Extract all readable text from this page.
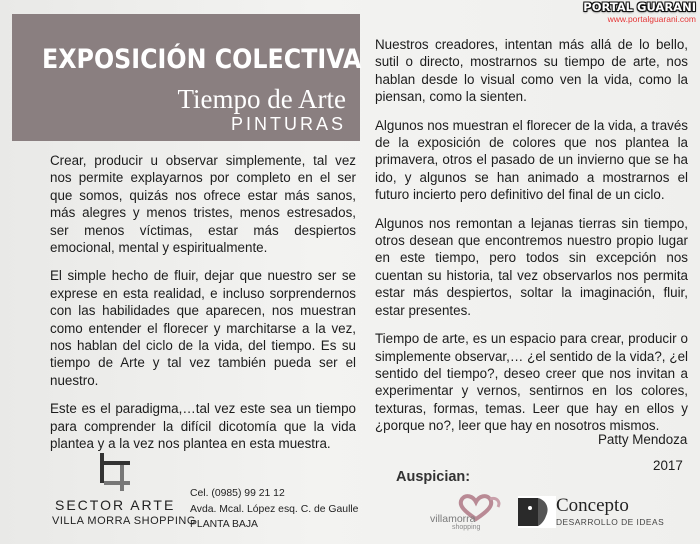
PORTAL GUARANI
www.portalguarani.com
EXPOSICIÓN COLECTIVA
Tiempo de Arte
PINTURAS

Crear, producir u observar simplemente, tal vez nos permite explayarnos por completo en el ser que somos, quizás nos ofrece estar más sanos, más alegres y menos tristes, menos estresados, ser menos víctimas, estar más despiertos emocional, mental y espiritualmente.

El simple hecho de fluir, dejar que nuestro ser se exprese en esta realidad, e incluso sorprendernos con las habilidades que aparecen, nos muestran como entender el florecer y marchitarse a la vez, nos hablan del ciclo de la vida, del tiempo. Es su tiempo de Arte y tal vez también pueda ser el nuestro.

Este es el paradigma,…tal vez este sea un tiempo para comprender la difícil dicotomía que la vida plantea y a la vez nos plantea en esta muestra.

Nuestros creadores, intentan más allá de lo bello, sutil o directo, mostrarnos su tiempo de arte, nos hablan desde lo visual como ven la vida, como la piensan, como la sienten.

Algunos nos muestran el florecer de la vida, a través de la exposición de colores que nos plantea la primavera, otros el pasado de un invierno que se ha ido, y algunos se han animado a mostrarnos el futuro incierto pero definitivo del final de un ciclo.

Algunos nos remontan a lejanas tierras sin tiempo, otros desean que encontremos nuestro propio lugar en este tiempo, pero todos sin excepción nos cuentan su historia, tal vez observarlos nos permita estar más despiertos, soltar la imaginación, fluir, estar presentes.

Tiempo de arte, es un espacio para crear, producir o simplemente observar,… ¿el sentido de la vida?, ¿el sentido del tiempo?, deseo creer que nos invitan a experimentar y vernos, sentirnos en los colores, texturas, formas, temas. Leer que hay en ellos y ¿porque no?, leer que hay en nosotros mismos.

Patty Mendoza
2017
Auspician:
SECTOR ARTE
VILLA MORRA SHOPPING
Cel. (0985) 99 21 12
Avda. Mcal. López esq. C. de Gaulle
PLANTA BAJA	villamorra
shopping
Concepto
DESARROLLO DE IDEAS
